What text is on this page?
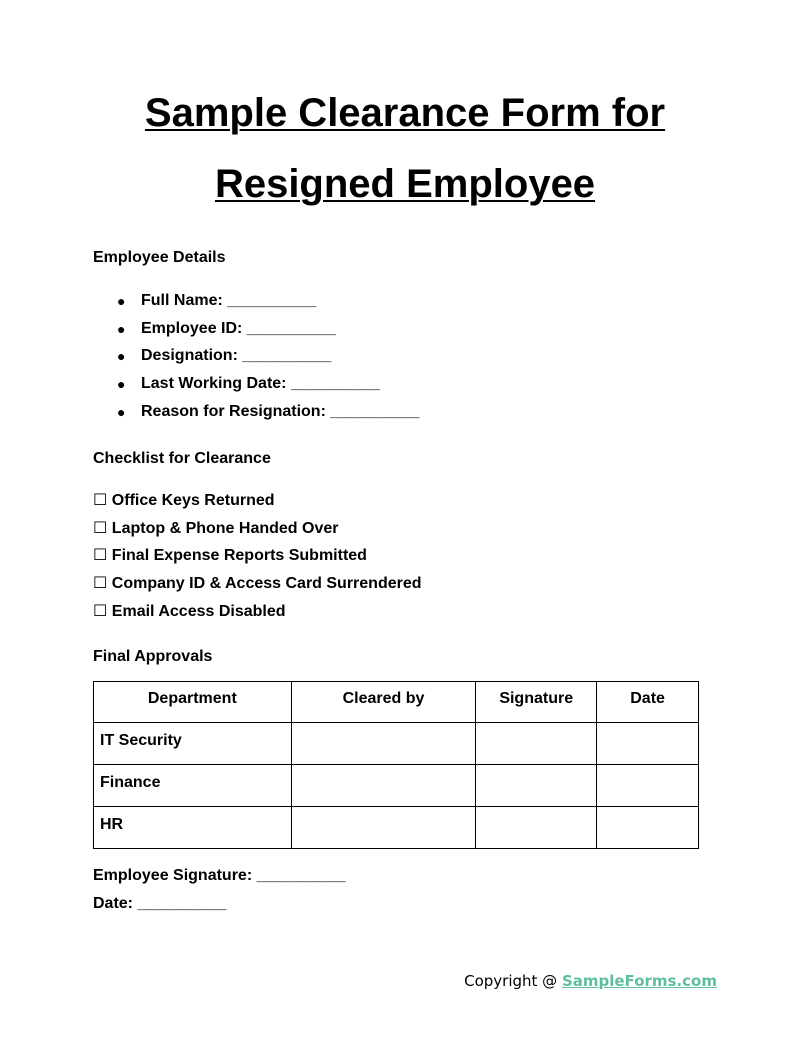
Sample Clearance Form for
Resigned Employee

Employee Details

● Full Name: __________
● Employee ID: __________
● Designation: __________
● Last Working Date: __________
● Reason for Resignation: __________

Checklist for Clearance

☐ Office Keys Returned
☐ Laptop & Phone Handed Over
☐ Final Expense Reports Submitted
☐ Company ID & Access Card Surrendered
☐ Email Access Disabled

Final Approvals

Department	Cleared by	Signature	Date
IT Security			
Finance			
HR			

Employee Signature: __________

Date: __________

Copyright @ SampleForms.com
